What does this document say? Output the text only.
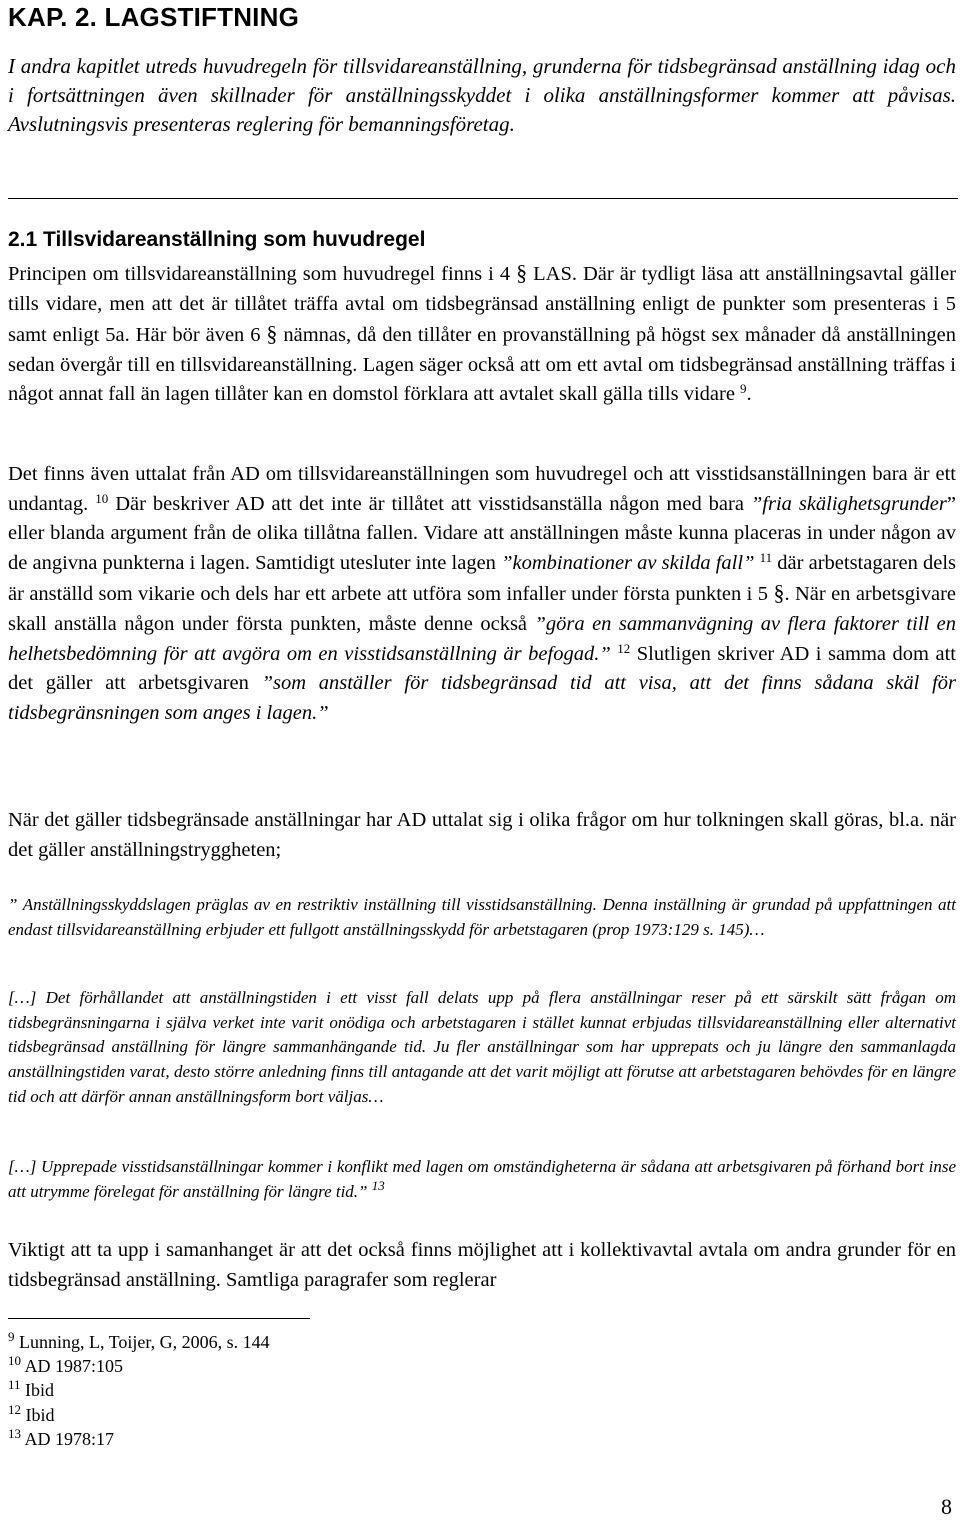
KAP. 2. LAGSTIFTNING

I andra kapitlet utreds huvudregeln för tillsvidareanställning, grunderna för tidsbegränsad anställning idag och i fortsättningen även skillnader för anställningsskyddet i olika anställningsformer kommer att påvisas. Avslutningsvis presenteras reglering för bemanningsföretag.

2.1 Tillsvidareanställning som huvudregel

Principen om tillsvidareanställning som huvudregel finns i 4 § LAS. Där är tydligt läsa att anställningsavtal gäller tills vidare, men att det är tillåtet träffa avtal om tidsbegränsad anställning enligt de punkter som presenteras i 5 samt enligt 5a. Här bör även 6 § nämnas, då den tillåter en provanställning på högst sex månader då anställningen sedan övergår till en tillsvidareanställning. Lagen säger också att om ett avtal om tidsbegränsad anställning träffas i något annat fall än lagen tillåter kan en domstol förklara att avtalet skall gälla tills vidare $^9$.

Det finns även uttalat från AD om tillsvidareanställningen som huvudregel och att visstidsanställningen bara är ett undantag. $^{10}$ Där beskriver AD att det inte är tillåtet att visstidsanställa någon med bara ”fria skälighetsgrunder” eller blanda argument från de olika tillåtna fallen. Vidare att anställningen måste kunna placeras in under någon av de angivna punkterna i lagen. Samtidigt utesluter inte lagen ”kombinationer av skilda fall” $^{11}$ där arbetstagaren dels är anställd som vikarie och dels har ett arbete att utföra som infaller under första punkten i 5 §. När en arbetsgivare skall anställa någon under första punkten, måste denne också ”göra en sammanvägning av flera faktorer till en helhetsbedömning för att avgöra om en visstidsanställning är befogad.” $^{12}$ Slutligen skriver AD i samma dom att det gäller att arbetsgivaren ”som anställer för tidsbegränsad tid att visa, att det finns sådana skäl för tidsbegränsningen som anges i lagen.”

När det gäller tidsbegränsade anställningar har AD uttalat sig i olika frågor om hur tolkningen skall göras, bl.a. när det gäller anställningstryggheten;

” Anställningsskyddslagen präglas av en restriktiv inställning till visstidsanställning. Denna inställning är grundad på uppfattningen att endast tillsvidareanställning erbjuder ett fullgott anställningsskydd för arbetstagaren (prop 1973:129 s. 145)…

[…] Det förhållandet att anställningstiden i ett visst fall delats upp på flera anställningar reser på ett särskilt sätt frågan om tidsbegränsningarna i själva verket inte varit onödiga och arbetstagaren i stället kunnat erbjudas tillsvidareanställning eller alternativt tidsbegränsad anställning för längre sammanhängande tid. Ju fler anställningar som har upprepats och ju längre den sammanlagda anställningstiden varat, desto större anledning finns till antagande att det varit möjligt att förutse att arbetstagaren behövdes för en längre tid och att därför annan anställningsform bort väljas…

[…] Upprepade visstidsanställningar kommer i konflikt med lagen om omständigheterna är sådana att arbetsgivaren på förhand bort inse att utrymme förelegat för anställning för längre tid.” $^{13}$

Viktigt att ta upp i samanhanget är att det också finns möjlighet att i kollektivavtal avtala om andra grunder för en tidsbegränsad anställning. Samtliga paragrafer som reglerar

$^9$ Lunning, L, Toijer, G, 2006, s. 144
$^{10}$ AD 1987:105
$^{11}$ Ibid
$^{12}$ Ibid
$^{13}$ AD 1978:17
8
